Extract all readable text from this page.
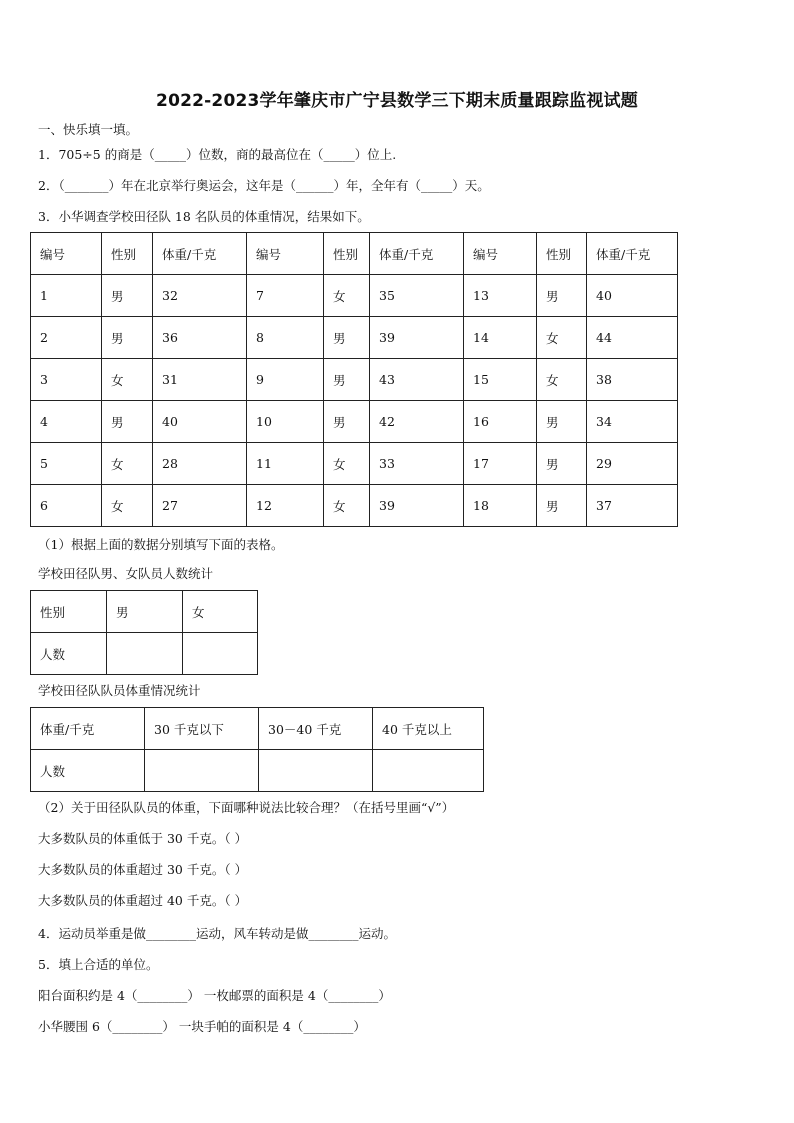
2022-2023学年肇庆市广宁县数学三下期末质量跟踪监视试题
一、快乐填一填。
1．705÷5 的商是（_____）位数，商的最高位在（_____）位上.
2．（_______）年在北京举行奥运会，这年是（______）年，全年有（_____）天。
3．小华调查学校田径队 18 名队员的体重情况，结果如下。
编号	性别	体重/千克	编号	性别	体重/千克	编号	性别	体重/千克
1	男	32	7	女	35	13	男	40
2	男	36	8	男	39	14	女	44
3	女	31	9	男	43	15	女	38
4	男	40	10	男	42	16	男	34
5	女	28	11	女	33	17	男	29
6	女	27	12	女	39	18	男	37
（1）根据上面的数据分别填写下面的表格。
学校田径队男、女队员人数统计
性别	男	女
人数		
学校田径队队员体重情况统计
体重/千克	30 千克以下	30－40 千克	40 千克以上
人数			
（2）关于田径队队员的体重，下面哪种说法比较合理？（在括号里画“√”）
大多数队员的体重低于 30 千克。（ ）
大多数队员的体重超过 30 千克。（ ）
大多数队员的体重超过 40 千克。（ ）
4．运动员举重是做________运动，风车转动是做________运动。
5．填上合适的单位。
阳台面积约是 4（________） 一枚邮票的面积是 4（________）
小华腰围 6（________） 一块手帕的面积是 4（________）
